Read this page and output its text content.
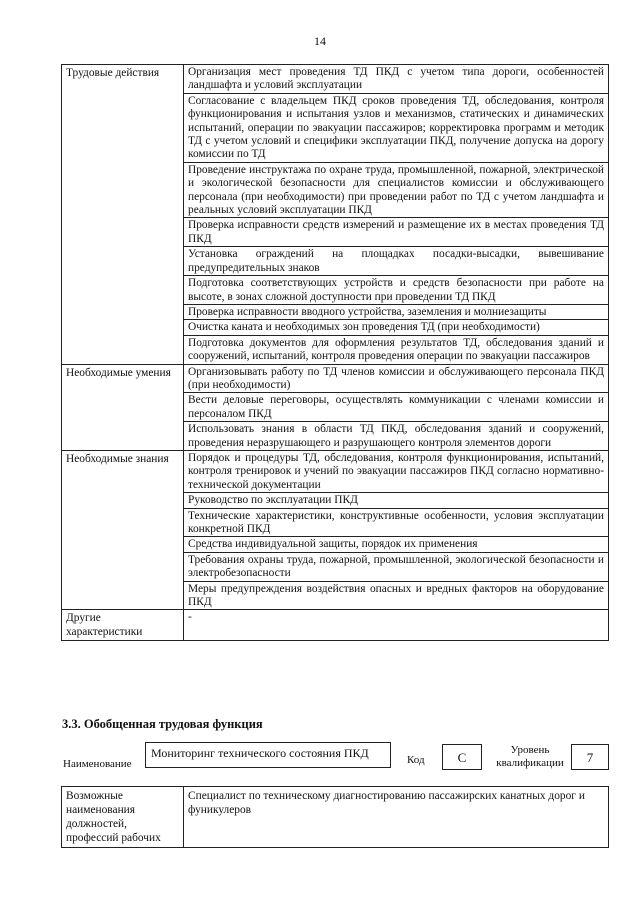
14
Трудовые действия	Организация мест проведения ТД ПКД с учетом типа дороги, особенностей ландшафта и условий эксплуатации
	Согласование с владельцем ПКД сроков проведения ТД, обследования, контроля функционирования и испытания узлов и механизмов, статических и динамических испытаний, операции по эвакуации пассажиров; корректировка программ и методик ТД с учетом условий и специфики эксплуатации ПКД, получение допуска на дорогу комиссии по ТД
	Проведение инструктажа по охране труда, промышленной, пожарной, электрической и экологической безопасности для специалистов комиссии и обслуживающего персонала (при необходимости) при проведении работ по ТД с учетом ландшафта и реальных условий эксплуатации ПКД
	Проверка исправности средств измерений и размещение их в местах проведения ТД ПКД
	Установка ограждений на площадках посадки-высадки, вывешивание предупредительных знаков
	Подготовка соответствующих устройств и средств безопасности при работе на высоте, в зонах сложной доступности при проведении ТД ПКД
	Проверка исправности вводного устройства, заземления и молниезащиты
	Очистка каната и необходимых зон проведения ТД (при необходимости)
	Подготовка документов для оформления результатов ТД, обследования зданий и сооружений, испытаний, контроля проведения операции по эвакуации пассажиров
Необходимые умения	Организовывать работу по ТД членов комиссии и обслуживающего персонала ПКД (при необходимости)
	Вести деловые переговоры, осуществлять коммуникации с членами комиссии и персоналом ПКД
	Использовать знания в области ТД ПКД, обследования зданий и сооружений, проведения неразрушающего и разрушающего контроля элементов дороги
Необходимые знания	Порядок и процедуры ТД, обследования, контроля функционирования, испытаний, контроля тренировок и учений по эвакуации пассажиров ПКД согласно нормативно-технической документации
	Руководство по эксплуатации ПКД
	Технические характеристики, конструктивные особенности, условия эксплуатации конкретной ПКД
	Средства индивидуальной защиты, порядок их применения
	Требования охраны труда, пожарной, промышленной, экологической безопасности и электробезопасности
	Меры предупреждения воздействия опасных и вредных факторов на оборудование ПКД
Другие характеристики	-
3.3. Обобщенная трудовая функция
Наименование
Мониторинг технического состояния ПКД	Код	C	Уровень квалификации	7
Возможные наименования должностей, профессий рабочих	Специалист по техническому диагностированию пассажирских канатных дорог и фуникулеров
